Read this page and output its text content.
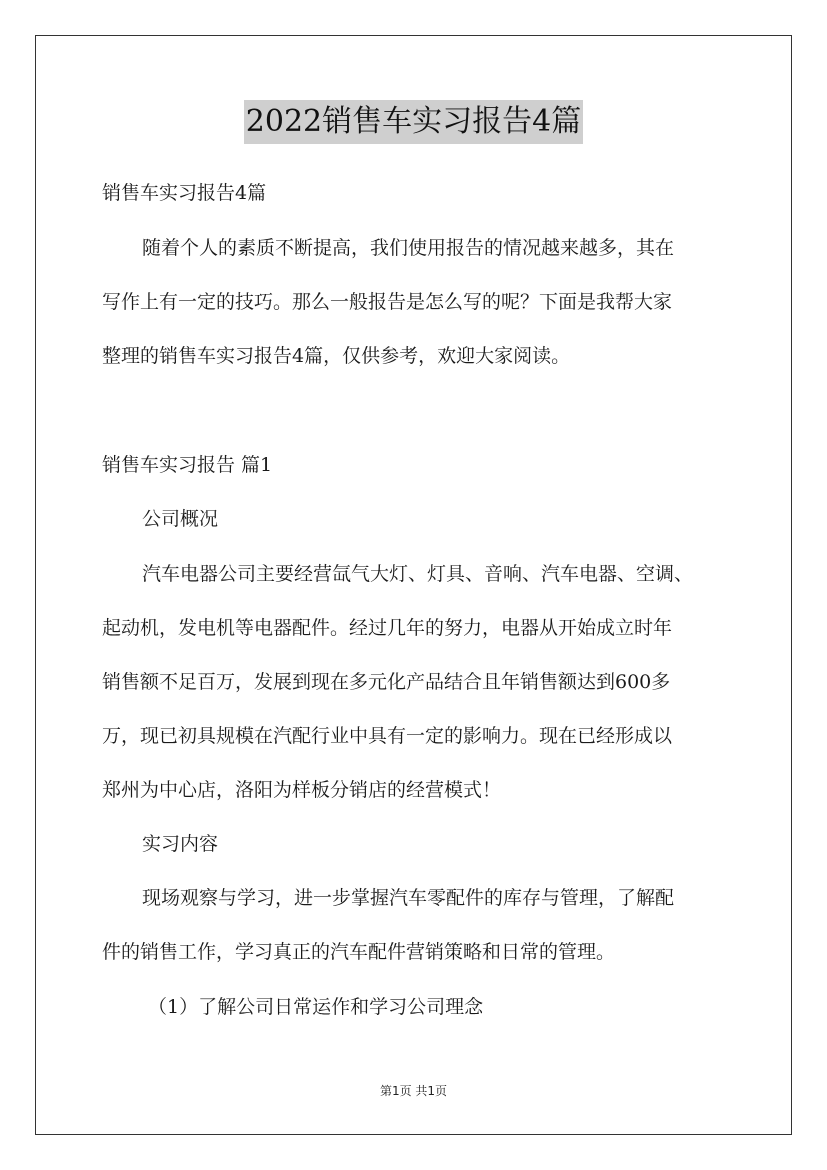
2022销售车实习报告4篇
销售车实习报告4篇
随着个人的素质不断提高，我们使用报告的情况越来越多，其在
写作上有一定的技巧。那么一般报告是怎么写的呢？下面是我帮大家
整理的销售车实习报告4篇，仅供参考，欢迎大家阅读。
销售车实习报告 篇1
公司概况
汽车电器公司主要经营氙气大灯、灯具、音响、汽车电器、空调、
起动机，发电机等电器配件。经过几年的努力，电器从开始成立时年
销售额不足百万，发展到现在多元化产品结合且年销售额达到600多
万，现已初具规模在汽配行业中具有一定的影响力。现在已经形成以
郑州为中心店，洛阳为样板分销店的经营模式！
实习内容
现场观察与学习，进一步掌握汽车零配件的库存与管理，了解配
件的销售工作，学习真正的汽车配件营销策略和日常的管理。
（1）了解公司日常运作和学习公司理念
第1页 共1页
